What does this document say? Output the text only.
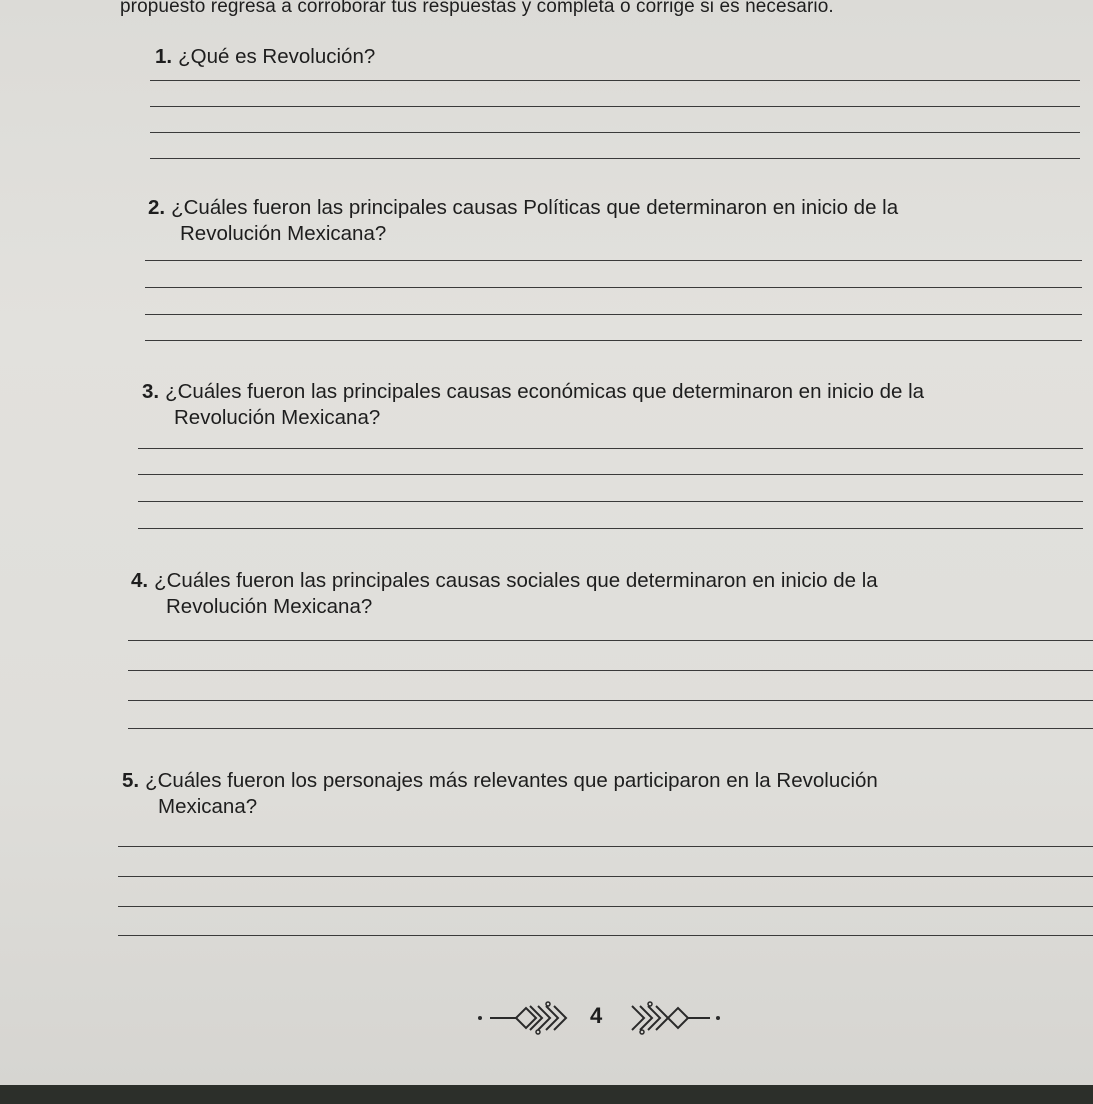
propuesto regresa a corroborar tus respuestas y completa o corrige si es necesario.
1. ¿Qué es Revolución?
2. ¿Cuáles fueron las principales causas Políticas que determinaron en inicio de la
Revolución Mexicana?
3. ¿Cuáles fueron las principales causas económicas que determinaron en inicio de la
Revolución Mexicana?
4. ¿Cuáles fueron las principales causas sociales que determinaron en inicio de la
Revolución Mexicana?
5. ¿Cuáles fueron los personajes más relevantes que participaron en la Revolución
Mexicana?
4
